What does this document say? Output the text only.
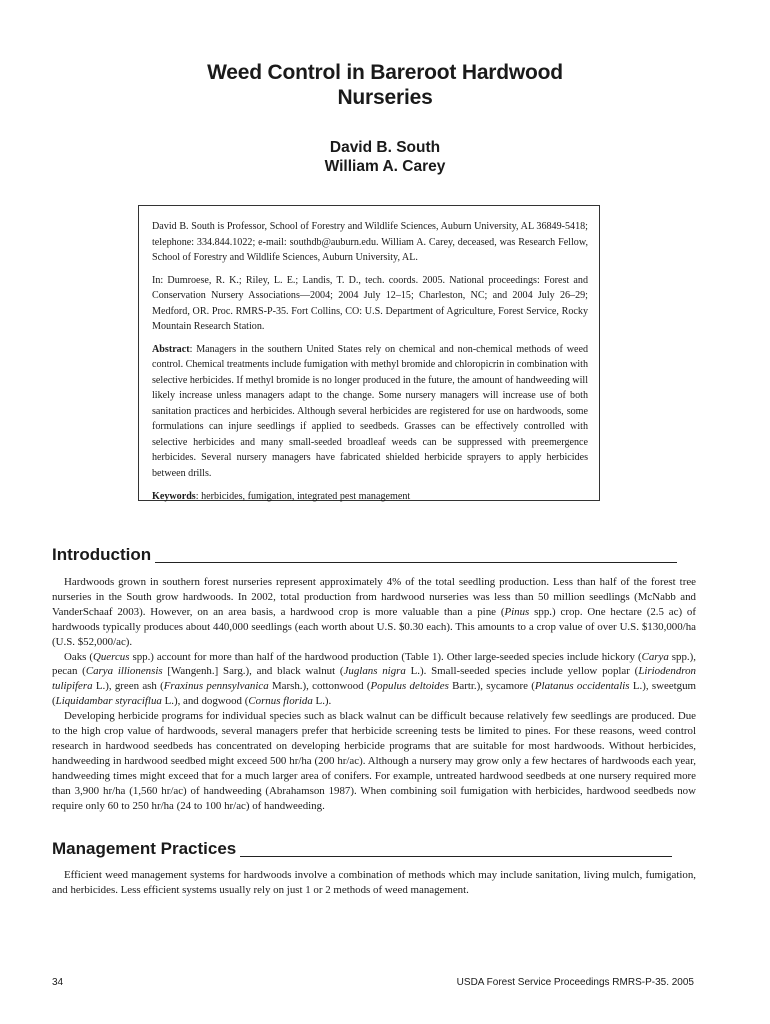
Weed Control in Bareroot Hardwood
Nurseries
David B. South
William A. Carey

David B. South is Professor, School of Forestry and Wildlife Sciences, Auburn University, AL 36849-5418; telephone: 334.844.1022; e-mail: southdb@auburn.edu. William A. Carey, deceased, was Research Fellow, School of Forestry and Wildlife Sciences, Auburn University, AL.

In: Dumroese, R. K.; Riley, L. E.; Landis, T. D., tech. coords. 2005. National proceedings: Forest and Conservation Nursery Associations—2004; 2004 July 12–15; Charleston, NC; and 2004 July 26–29; Medford, OR. Proc. RMRS-P-35. Fort Collins, CO: U.S. Department of Agriculture, Forest Service, Rocky Mountain Research Station.

Abstract: Managers in the southern United States rely on chemical and non-chemical methods of weed control. Chemical treatments include fumigation with methyl bromide and chloropicrin in combination with selective herbicides. If methyl bromide is no longer produced in the future, the amount of handweeding will likely increase unless managers adapt to the change. Some nursery managers will increase use of both sanitation practices and herbicides. Although several herbicides are registered for use on hardwoods, some formulations can injure seedlings if applied to seedbeds. Grasses can be effectively controlled with selective herbicides and many small-seeded broadleaf weeds can be suppressed with preemergence herbicides. Several nursery managers have fabricated shielded herbicide sprayers to apply herbicides between drills.

Keywords: herbicides, fumigation, integrated pest management

Introduction

Hardwoods grown in southern forest nurseries represent approximately 4% of the total seedling production. Less than half of the forest tree nurseries in the South grow hardwoods. In 2002, total production from hardwood nurseries was less than 50 million seedlings (McNabb and VanderSchaaf 2003). However, on an area basis, a hardwood crop is more valuable than a pine (Pinus spp.) crop. One hectare (2.5 ac) of hardwoods typically produces about 440,000 seedlings (each worth about U.S. $0.30 each). This amounts to a crop value of over U.S. $130,000/ha (U.S. $52,000/ac).

Oaks (Quercus spp.) account for more than half of the hardwood production (Table 1). Other large-seeded species include hickory (Carya spp.), pecan (Carya illionensis [Wangenh.] Sarg.), and black walnut (Juglans nigra L.). Small-seeded species include yellow poplar (Liriodendron tulipifera L.), green ash (Fraxinus pennsylvanica Marsh.), cottonwood (Populus deltoides Bartr.), sycamore (Platanus occidentalis L.), sweetgum (Liquidambar styraciflua L.), and dogwood (Cornus florida L.).

Developing herbicide programs for individual species such as black walnut can be difficult because relatively few seedlings are produced. Due to the high crop value of hardwoods, several managers prefer that herbicide screening tests be limited to pines. For these reasons, weed control research in hardwood seedbeds has concentrated on developing herbicide programs that are suitable for most hardwoods. Without herbicides, handweeding in hardwood seedbed might exceed 500 hr/ha (200 hr/ac). Although a nursery may grow only a few hectares of hardwoods each year, handweeding times might exceed that for a much larger area of conifers. For example, untreated hardwood seedbeds at one nursery required more than 3,900 hr/ha (1,560 hr/ac) of handweeding (Abrahamson 1987). When combining soil fumigation with herbicides, hardwood seedbeds now require only 60 to 250 hr/ha (24 to 100 hr/ac) of handweeding.

Management Practices

Efficient weed management systems for hardwoods involve a combination of methods which may include sanitation, living mulch, fumigation, and herbicides. Less efficient systems usually rely on just 1 or 2 methods of weed management.

34	USDA Forest Service Proceedings RMRS-P-35. 2005
